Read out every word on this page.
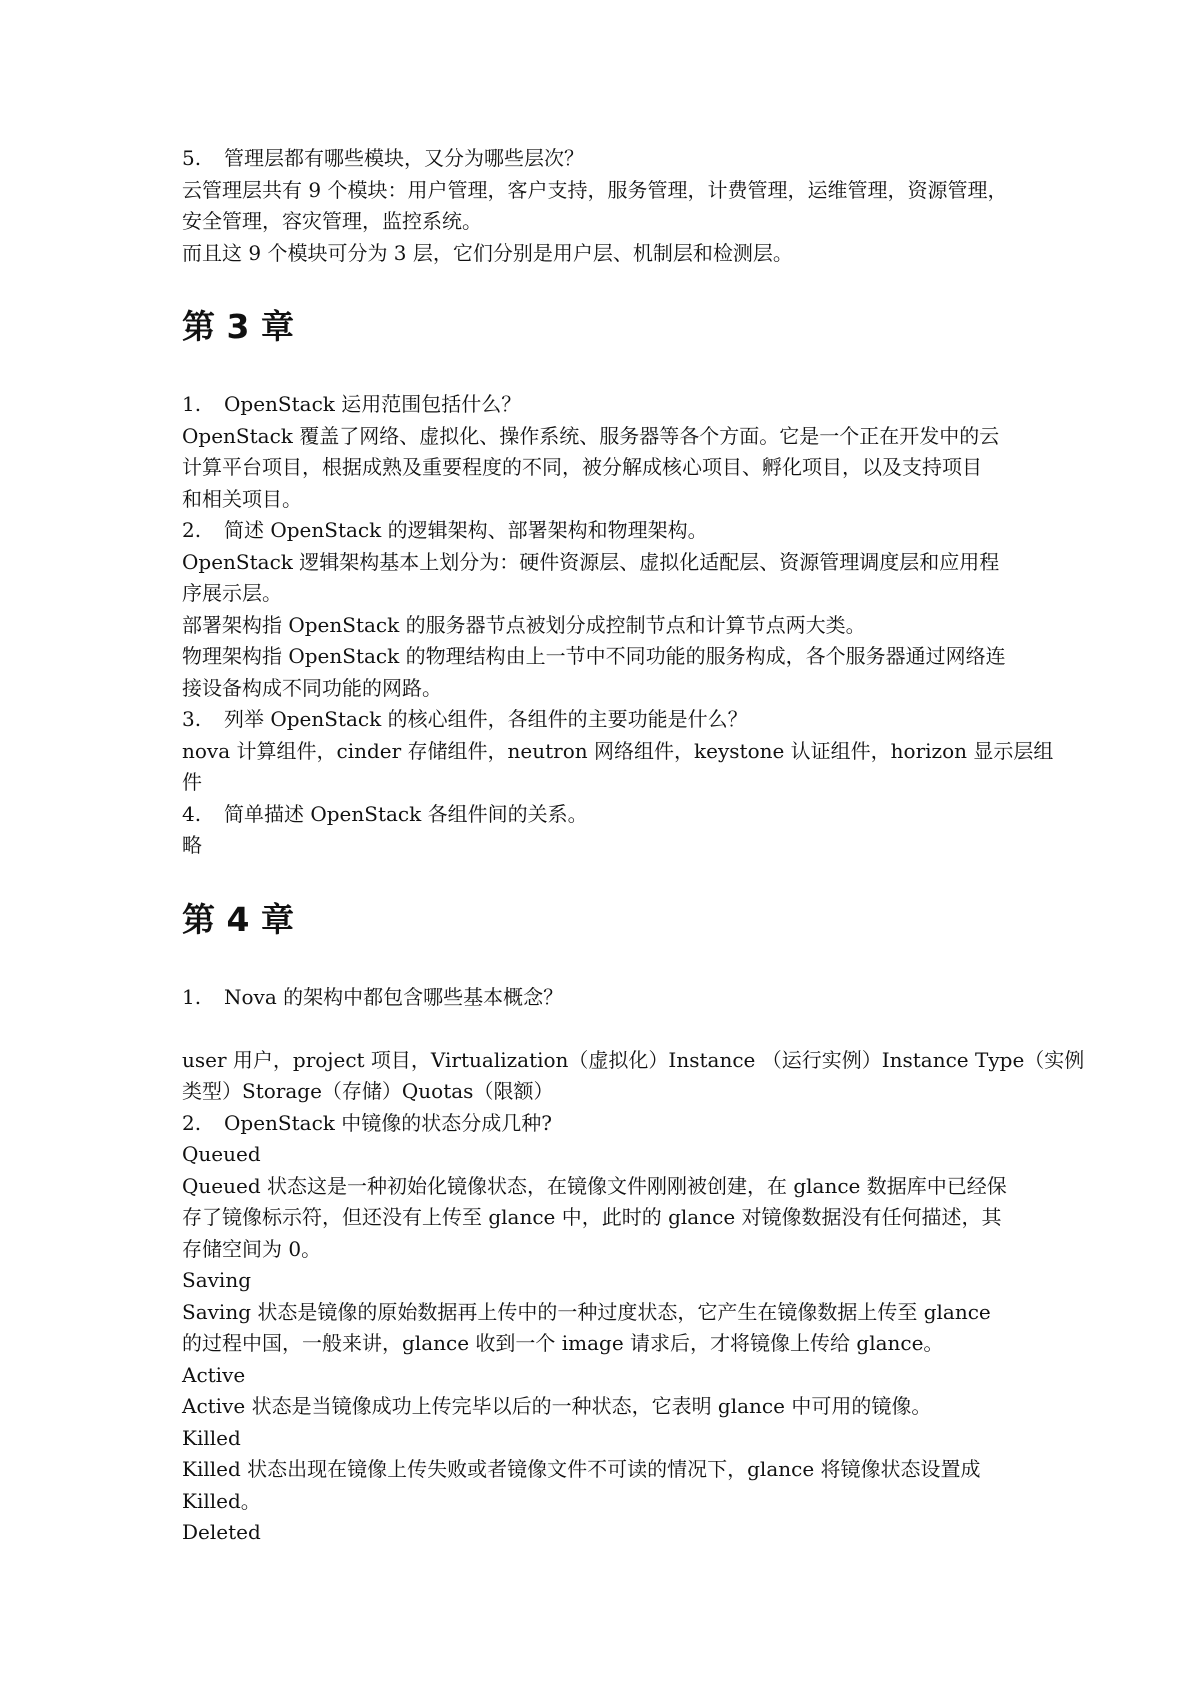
5.	管理层都有哪些模块，又分为哪些层次？
云管理层共有 9 个模块：用户管理，客户支持，服务管理，计费管理，运维管理，资源管理，
安全管理，容灾管理，监控系统。
而且这 9 个模块可分为 3 层，它们分别是用户层、机制层和检测层。
第 3 章
1.	OpenStack 运用范围包括什么？
OpenStack 覆盖了网络、虚拟化、操作系统、服务器等各个方面。它是一个正在开发中的云
计算平台项目，根据成熟及重要程度的不同，被分解成核心项目、孵化项目，以及支持项目
和相关项目。
2.	简述 OpenStack 的逻辑架构、部署架构和物理架构。
OpenStack 逻辑架构基本上划分为：硬件资源层、虚拟化适配层、资源管理调度层和应用程
序展示层。
部署架构指 OpenStack 的服务器节点被划分成控制节点和计算节点两大类。
物理架构指 OpenStack 的物理结构由上一节中不同功能的服务构成，各个服务器通过网络连
接设备构成不同功能的网路。
3.	列举 OpenStack 的核心组件，各组件的主要功能是什么？
nova 计算组件，cinder 存储组件，neutron 网络组件，keystone 认证组件，horizon 显示层组
件
4.	简单描述 OpenStack 各组件间的关系。
略
第 4 章
1.	Nova 的架构中都包含哪些基本概念？
user 用户，project 项目，Virtualization（虚拟化）Instance （运行实例）Instance Type（实例
类型）Storage（存储）Quotas（限额）
2.	OpenStack 中镜像的状态分成几种?
Queued
Queued 状态这是一种初始化镜像状态，在镜像文件刚刚被创建，在 glance 数据库中已经保
存了镜像标示符，但还没有上传至 glance 中，此时的 glance 对镜像数据没有任何描述，其
存储空间为 0。
Saving
Saving 状态是镜像的原始数据再上传中的一种过度状态，它产生在镜像数据上传至 glance
的过程中国，一般来讲，glance 收到一个 image 请求后，才将镜像上传给 glance。
Active
Active 状态是当镜像成功上传完毕以后的一种状态，它表明 glance 中可用的镜像。
Killed
Killed 状态出现在镜像上传失败或者镜像文件不可读的情况下，glance 将镜像状态设置成
Killed。
Deleted
